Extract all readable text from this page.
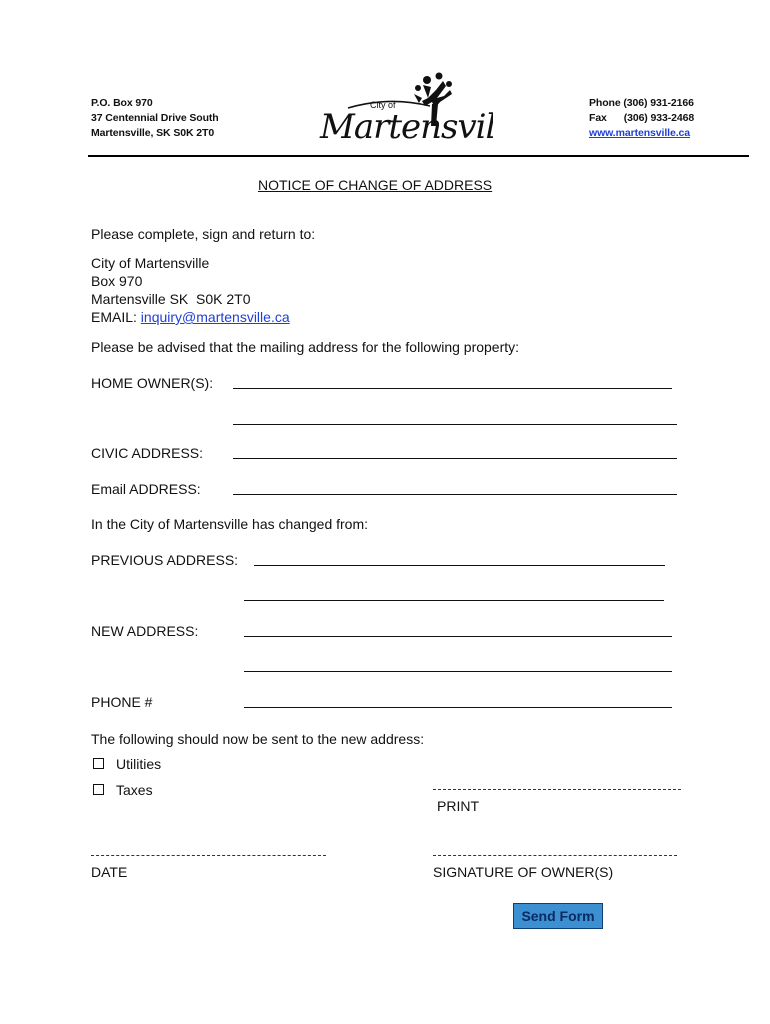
P.O. Box 970
37 Centennial Drive South
Martensville, SK S0K 2T0
City of
Martensvi
Phone (306) 931-2166
Fax      (306) 933-2468
www.martensville.ca
NOTICE OF CHANGE OF ADDRESS
Please complete, sign and return to:
City of Martensville
Box 970
Martensville SK  S0K 2T0
EMAIL: inquiry@martensville.ca
Please be advised that the mailing address for the following property:
HOME OWNER(S):
CIVIC ADDRESS:
Email ADDRESS:
In the City of Martensville has changed from:
PREVIOUS ADDRESS:
NEW ADDRESS:
PHONE #
The following should now be sent to the new address:
Utilities
Taxes
PRINT
DATE	SIGNATURE OF OWNER(S)
Send Form
